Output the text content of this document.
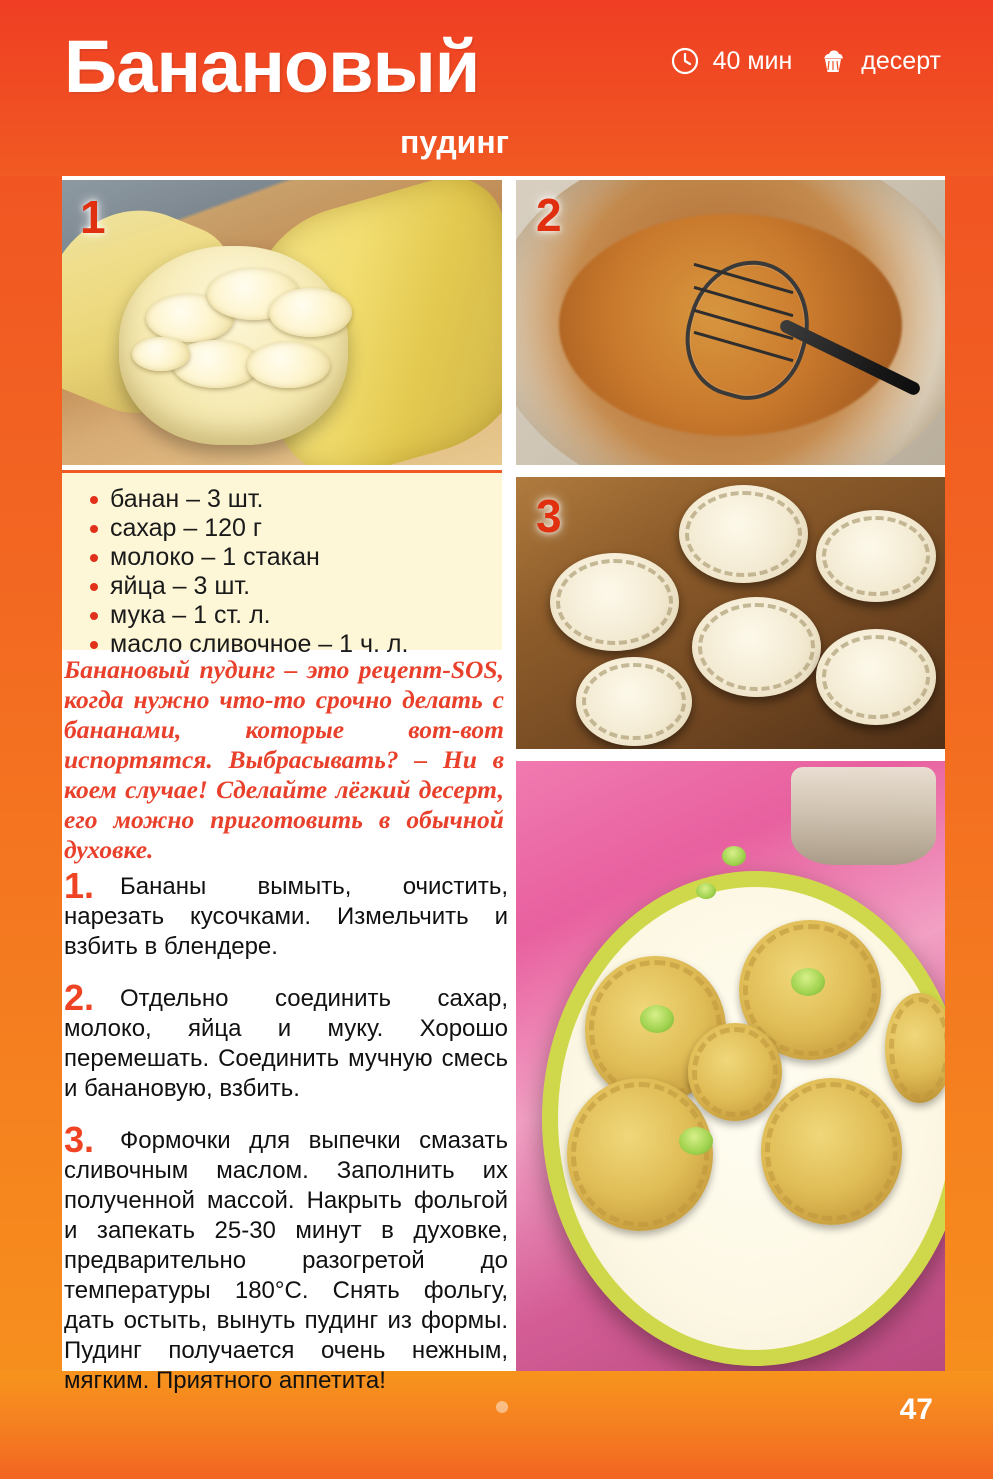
Банановый
пудинг
40 мин	десерт
1	2
3
банан – 3 шт.
сахар – 120 г
молоко – 1 стакан
яйца – 3 шт.
мука – 1 ст. л.
масло сливочное – 1 ч. л.
Банановый пудинг – это рецепт-SOS, когда нужно что-то срочно делать с бананами, которые вот-вот испортятся. Выбрасывать? – Ни в коем случае! Сделайте лёгкий десерт, его можно приготовить в обычной духовке.
1.	Бананы вымыть, очистить, нарезать кусочками. Измельчить и взбить в блендере.
2.	Отдельно соединить сахар, молоко, яйца и муку. Хорошо перемешать. Соединить мучную смесь и банановую, взбить.
3.	Формочки для выпечки смазать сливочным маслом. Заполнить их полученной массой. Накрыть фольгой и запекать 25-30 минут в духовке, предварительно разогретой до температуры 180°C. Снять фольгу, дать остыть, вынуть пудинг из формы. Пудинг получается очень нежным, мягким. Приятного аппетита!
47
